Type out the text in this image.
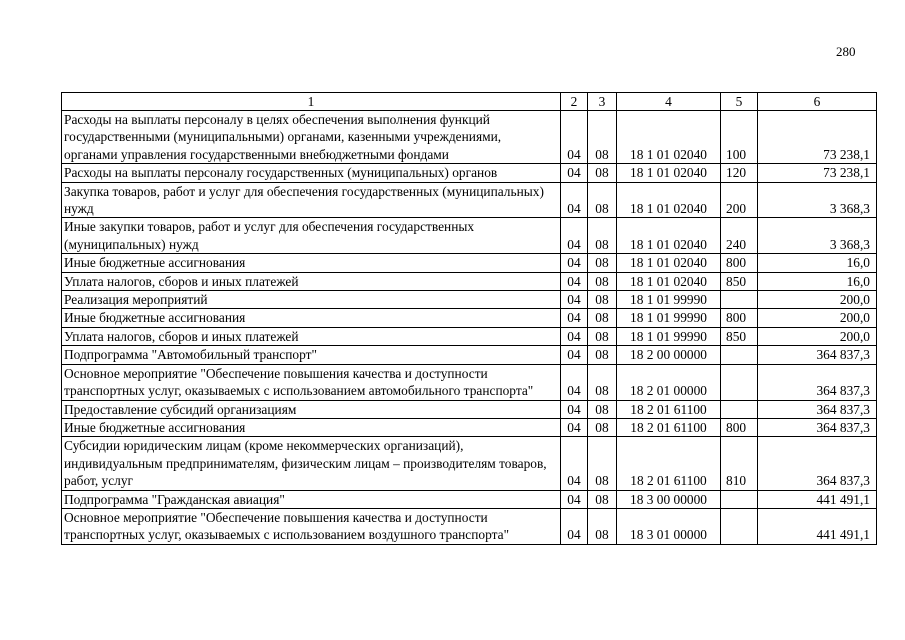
280
1	2	3	4	5	6
Расходы на выплаты персоналу в целях обеспечения выполнения функций государственными (муниципальными) органами, казенными учреждениями, органами управления государственными внебюджетными фондами	04	08	18 1 01 02040	100	73 238,1
Расходы на выплаты персоналу государственных (муниципальных) органов	04	08	18 1 01 02040	120	73 238,1
Закупка товаров, работ и услуг для обеспечения государственных (муниципальных) нужд	04	08	18 1 01 02040	200	3 368,3
Иные закупки товаров, работ и услуг для обеспечения государственных (муниципальных) нужд	04	08	18 1 01 02040	240	3 368,3
Иные бюджетные ассигнования	04	08	18 1 01 02040	800	16,0
Уплата налогов, сборов и иных платежей	04	08	18 1 01 02040	850	16,0
Реализация мероприятий	04	08	18 1 01 99990		200,0
Иные бюджетные ассигнования	04	08	18 1 01 99990	800	200,0
Уплата налогов, сборов и иных платежей	04	08	18 1 01 99990	850	200,0
Подпрограмма "Автомобильный транспорт"	04	08	18 2 00 00000		364 837,3
Основное мероприятие "Обеспечение повышения качества и доступности транспортных услуг, оказываемых с использованием автомобильного транспорта"	04	08	18 2 01 00000		364 837,3
Предоставление субсидий организациям	04	08	18 2 01 61100		364 837,3
Иные бюджетные ассигнования	04	08	18 2 01 61100	800	364 837,3
Субсидии юридическим лицам (кроме некоммерческих организаций), индивидуальным предпринимателям, физическим лицам – производителям товаров, работ, услуг	04	08	18 2 01 61100	810	364 837,3
Подпрограмма "Гражданская авиация"	04	08	18 3 00 00000		441 491,1
Основное мероприятие "Обеспечение повышения качества и доступности транспортных услуг, оказываемых с использованием воздушного транспорта"	04	08	18 3 01 00000		441 491,1
